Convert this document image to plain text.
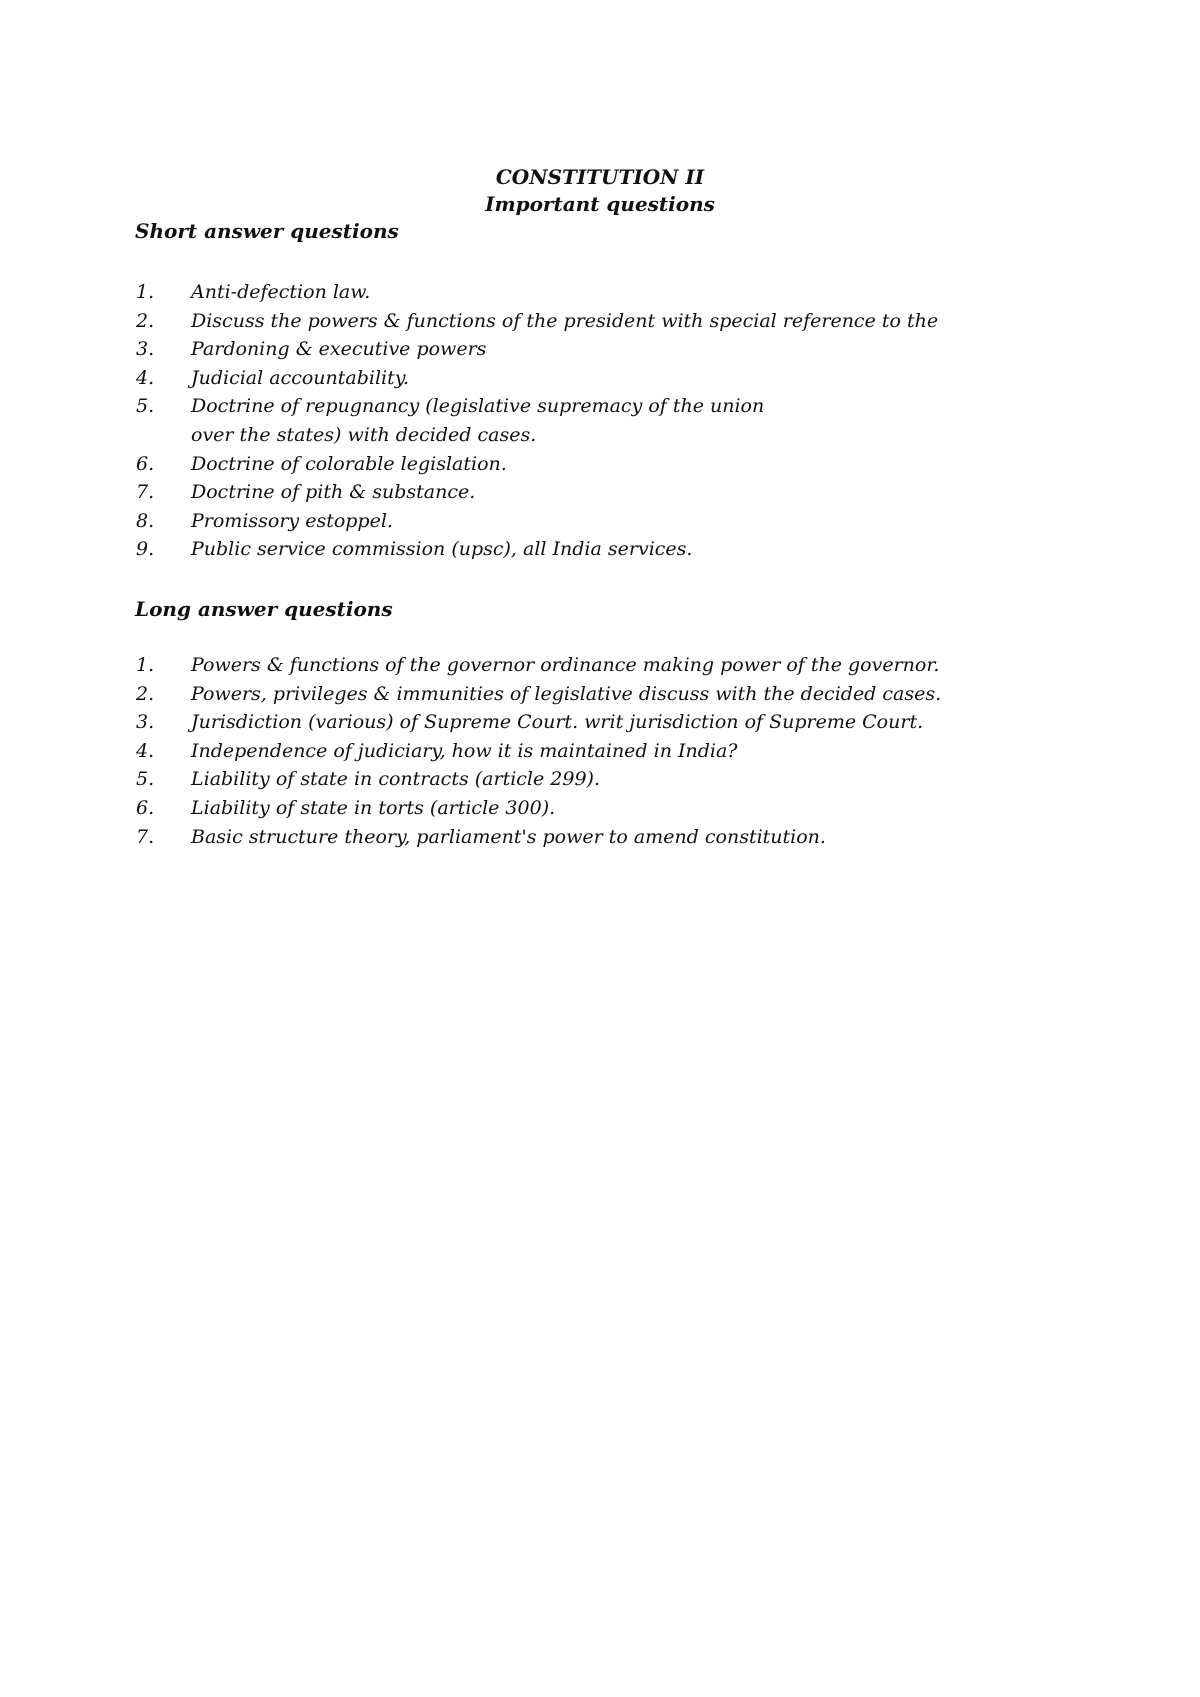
CONSTITUTION II
Important questions
Short answer questions
1. Anti-defection law.
2. Discuss the powers & functions of the president with special reference to the
3. Pardoning & executive powers
4. Judicial accountability.
5. Doctrine of repugnancy (legislative supremacy of the union over the states) with decided cases.
6. Doctrine of colorable legislation.
7. Doctrine of pith & substance.
8. Promissory estoppel.
9. Public service commission (upsc), all India services.
Long answer questions
1. Powers & functions of the governor ordinance making power of the governor.
2. Powers, privileges & immunities of legislative discuss with the decided cases.
3. Jurisdiction (various) of Supreme Court. writ jurisdiction of Supreme Court.
4. Independence of judiciary, how it is maintained in India?
5. Liability of state in contracts (article 299).
6. Liability of state in torts (article 300).
7. Basic structure theory, parliament's power to amend constitution.
